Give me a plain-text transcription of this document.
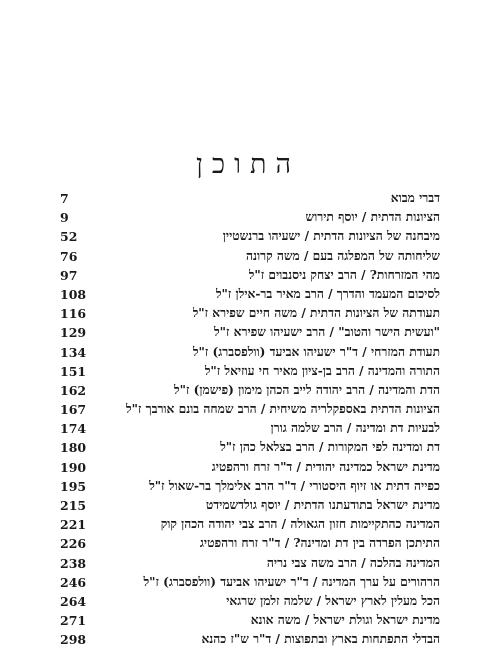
התוכן
7	דברי מבוא
9	הציונות הדתית / יוסף תירוש
52	מיבחנה של הציונות הדתית / ישעיהו ברנשטיין
76	שליחותה של המפלגה בעם / משה קרונה
97	מהי המזרחות? / הרב יצחק ניסנבוים ז"ל
108	לסיכום המעמד והדרך / הרב מאיר בר-אילן ז"ל
116	תעודתה של הציונות הדתית / משה חיים שפירא ז"ל
129	"ועשית הישר והטוב" / הרב ישעיהו שפירא ז"ל
134	תעודת המזרחי / ד"ר ישעיהו אביעד (וולפסברג) ז"ל
151	התורה והמדינה / הרב בן-ציון מאיר חי עוזיאל ז"ל
162	הדת והמדינה / הרב יהודה לייב הכהן מימון (פישמן) ז"ל
167	הציונות הדתית באספקלריה משיחית / הרב שמחה בונם אורבך ז"ל
174	לבעיות דת ומדינה / הרב שלמה גורן
180	דת ומדינה לפי המקורות / הרב בצלאל כהן ז"ל
190	מדינת ישראל כמדינה יהודית / ד"ר זרח ורהפטיג
195	כפייה דתית או זיוף היסטורי / ד"ר הרב אלימלך בר-שאול ז"ל
215	מדינת ישראל בתודעתנו הדתית / יוסף גולדשמידט
221	המדינה כהתקיימות חזון הגאולה / הרב צבי יהודה הכהן קוק
226	התיתכן הפרדה בין דת ומדינה? / ד"ר זרח ורהפטיג
238	המדינה בהלכה / הרב משה צבי נריה
246	הרהורים על ערך המדינה / ד"ר ישעיהו אביעד (וולפסברג) ז"ל
264	הכל מעלין לארץ ישראל / שלמה זלמן שרגאי
271	מדינת ישראל וגולת ישראל / משה אונא
298	הבדלי התפתחות בארץ ובתפוצות / ד"ר ש"ז כהנא
